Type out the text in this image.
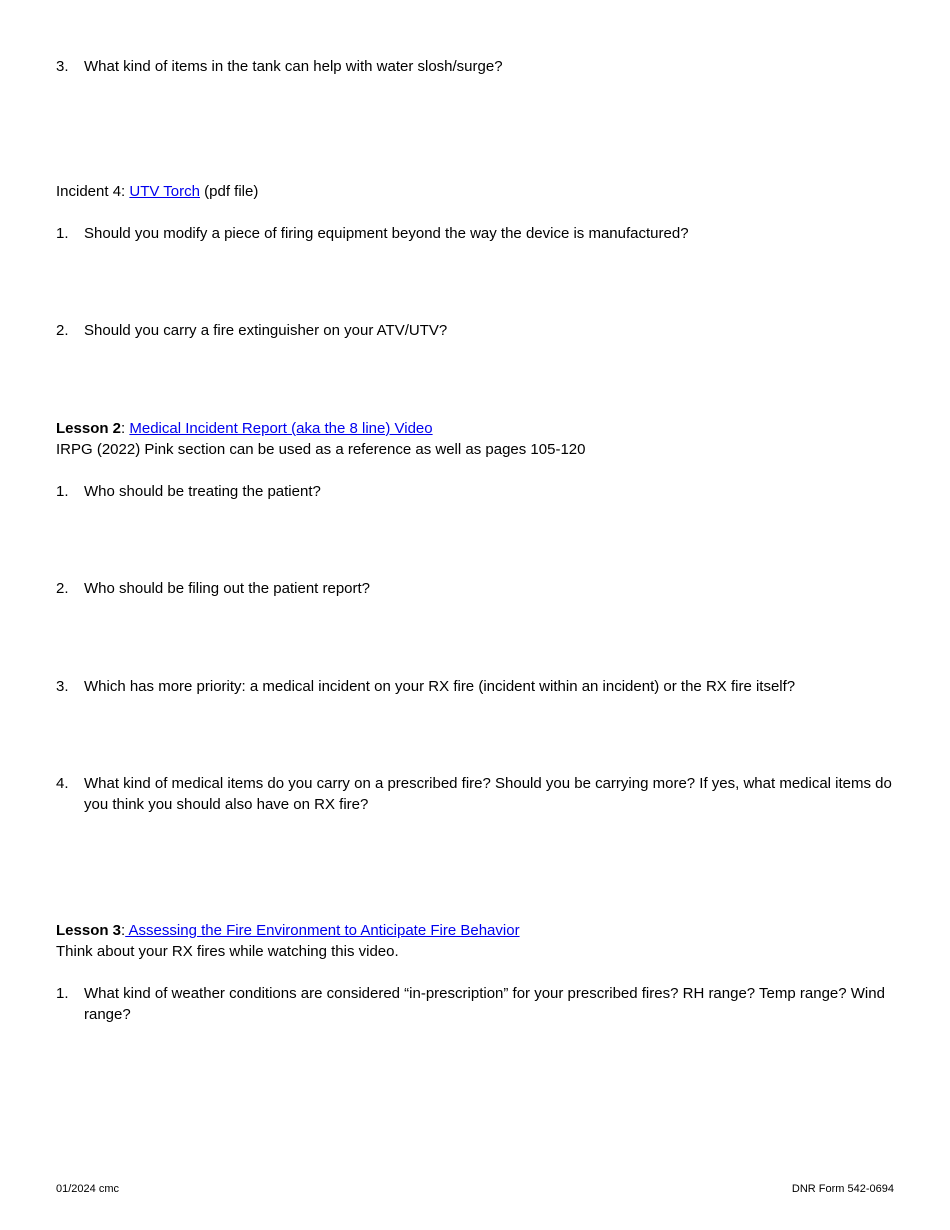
3.	What kind of items in the tank can help with water slosh/surge?
Incident 4: UTV Torch (pdf file)
1.	Should you modify a piece of firing equipment beyond the way the device is manufactured?
2.	Should you carry a fire extinguisher on your ATV/UTV?
Lesson 2: Medical Incident Report (aka the 8 line) Video
IRPG (2022) Pink section can be used as a reference as well as pages 105-120
1.	Who should be treating the patient?
2.	Who should be filing out the patient report?
3.	Which has more priority: a medical incident on your RX fire (incident within an incident) or the RX fire itself?
4.	What kind of medical items do you carry on a prescribed fire? Should you be carrying more? If yes, what medical items do you think you should also have on RX fire?
Lesson 3: Assessing the Fire Environment to Anticipate Fire Behavior
Think about your RX fires while watching this video.
1.	What kind of weather conditions are considered “in-prescription” for your prescribed fires? RH range? Temp range? Wind range?
01/2024 cmc	DNR Form 542-0694
